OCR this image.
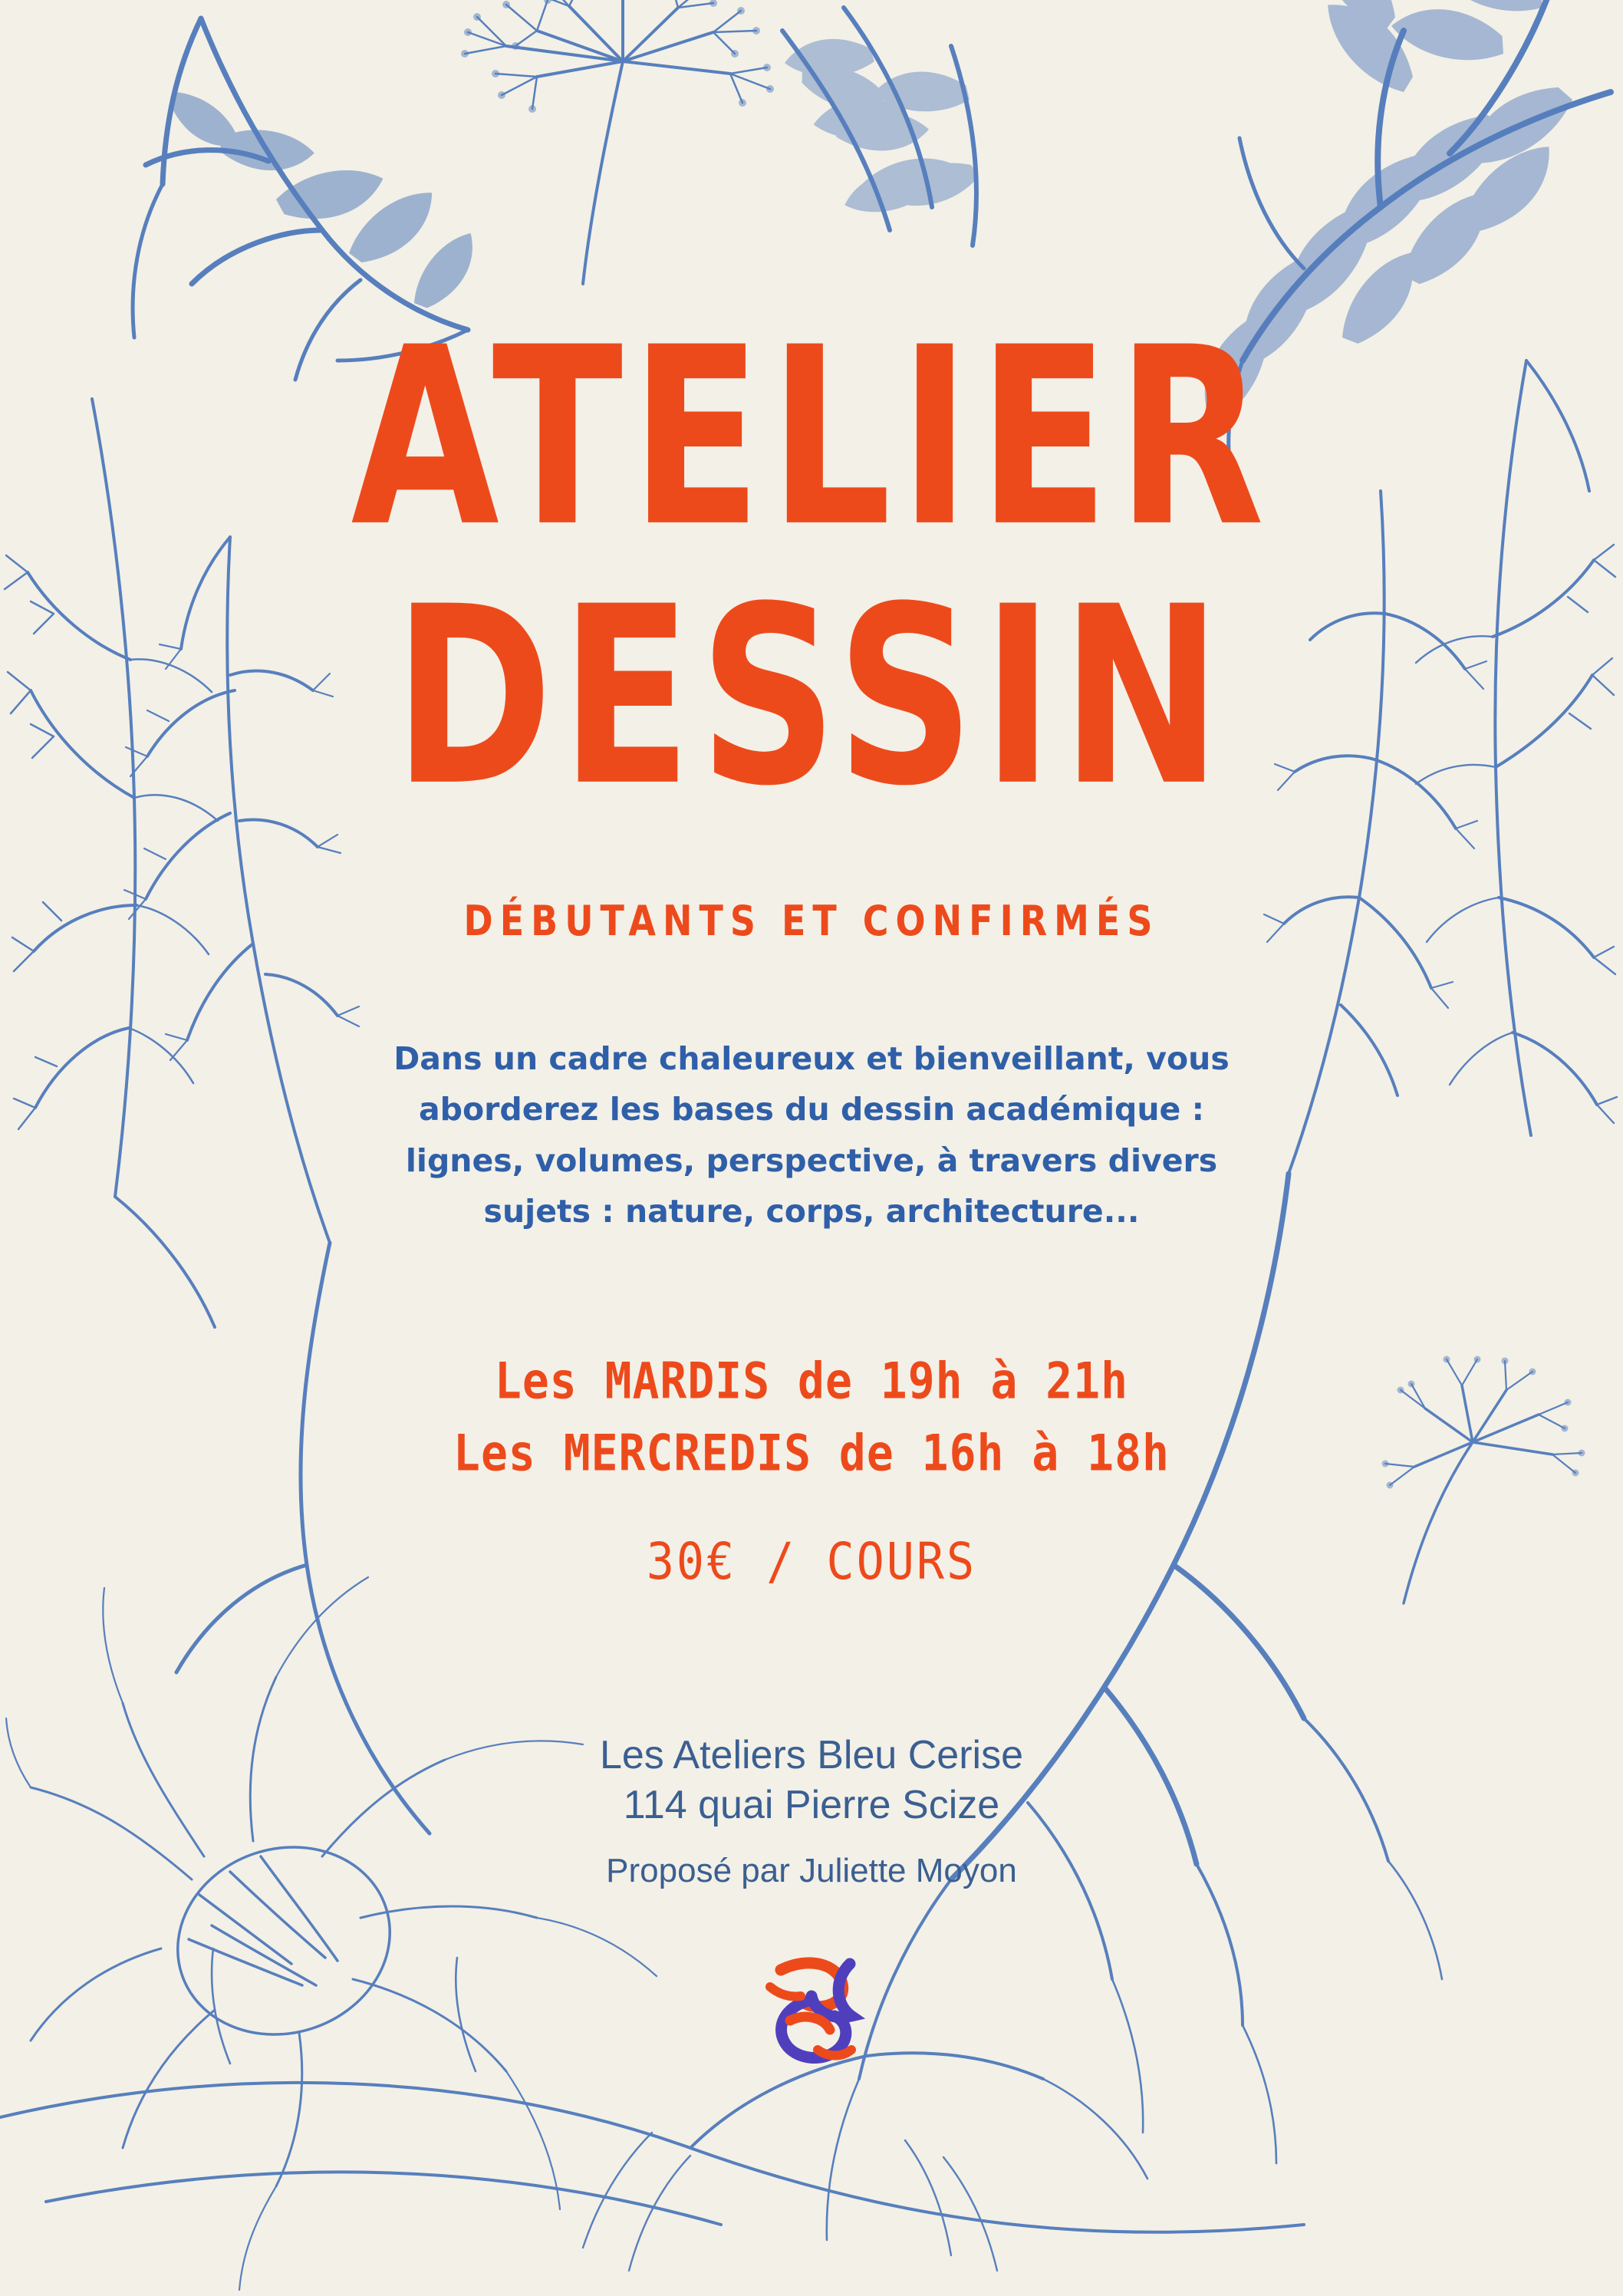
ATELIER
DESSIN
DÉBUTANTS ET CONFIRMÉS
Dans un cadre chaleureux et bienveillant, vous aborderez les bases du dessin académique : lignes, volumes, perspective, à travers divers sujets : nature, corps, architecture...
Les MARDIS de 19h à 21h
Les MERCREDIS de 16h à 18h
30€ / COURS
Les Ateliers Bleu Cerise
114 quai Pierre Scize
Proposé par Juliette Moyon
